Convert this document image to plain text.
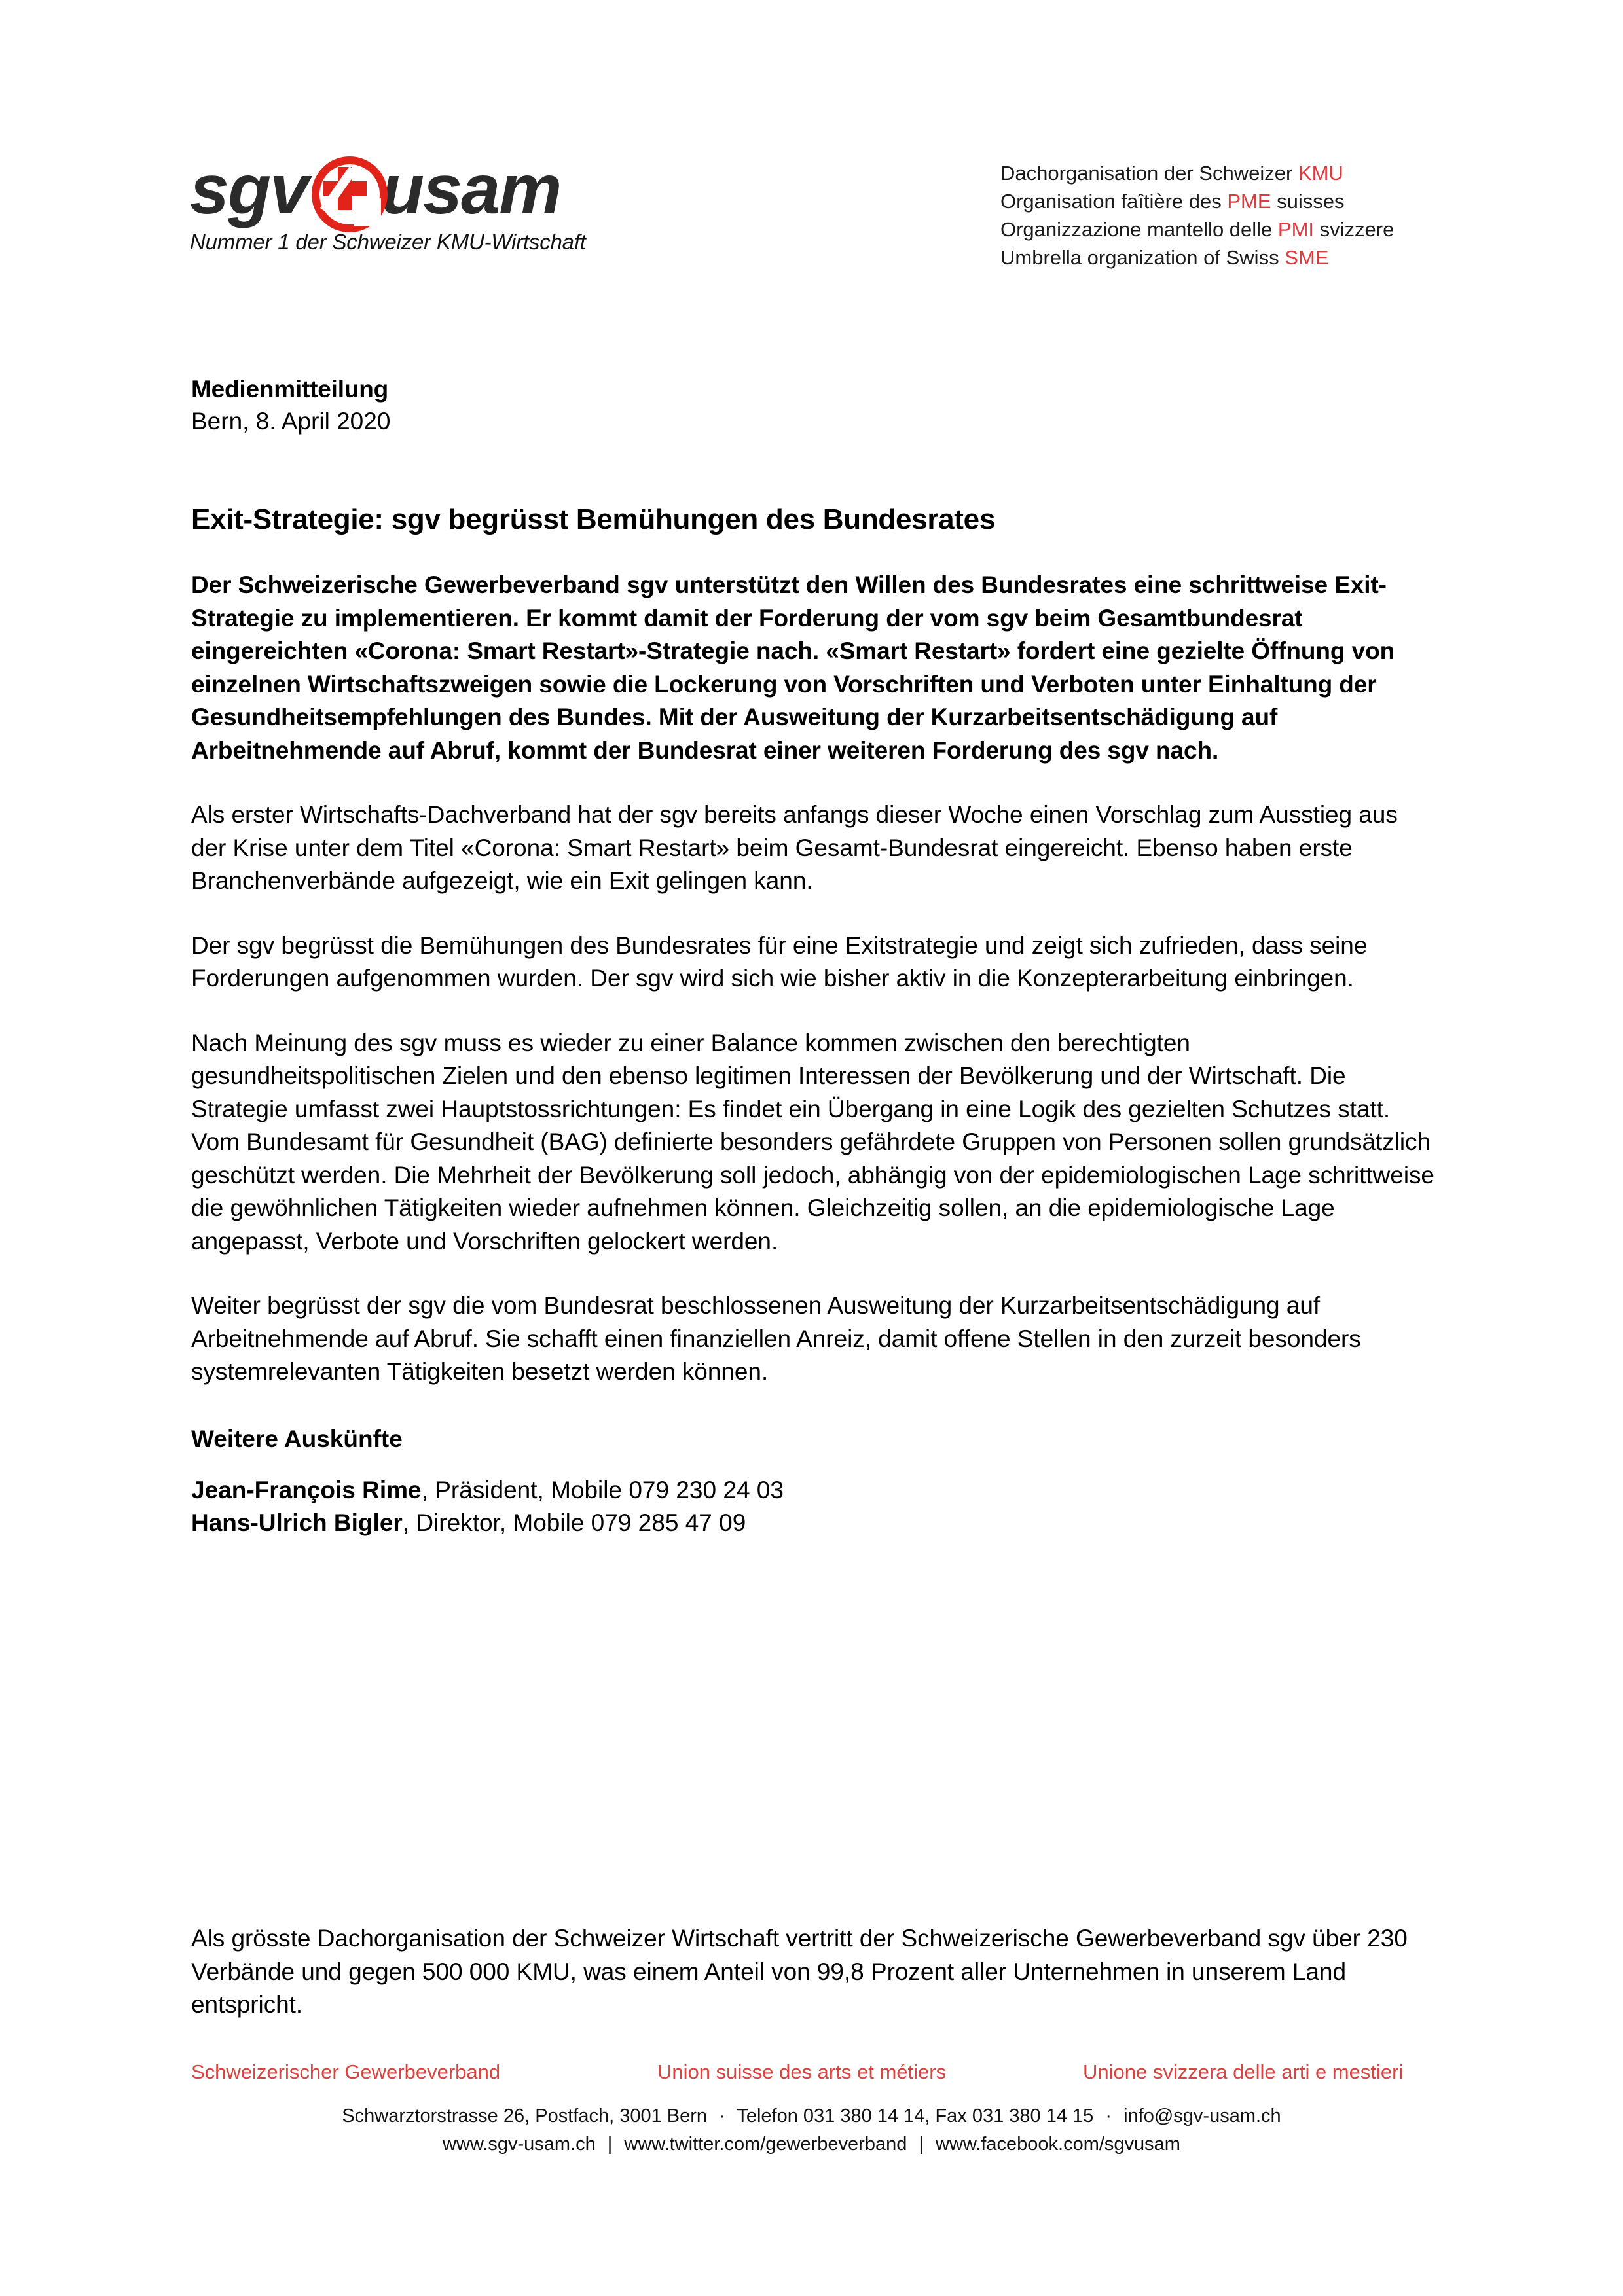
sgv usam
Nummer 1 der Schweizer KMU-Wirtschaft
Dachorganisation der Schweizer KMU
Organisation faîtière des PME suisses
Organizzazione mantello delle PMI svizzere
Umbrella organization of Swiss SME
Medienmitteilung
Bern, 8. April 2020
Exit-Strategie: sgv begrüsst Bemühungen des Bundesrates

Der Schweizerische Gewerbeverband sgv unterstützt den Willen des Bundesrates eine schrittweise Exit-Strategie zu implementieren. Er kommt damit der Forderung der vom sgv beim Gesamtbundesrat eingereichten «Corona: Smart Restart»-Strategie nach. «Smart Restart» fordert eine gezielte Öffnung von einzelnen Wirtschaftszweigen sowie die Lockerung von Vorschriften und Verboten unter Einhaltung der Gesundheitsempfehlungen des Bundes. Mit der Ausweitung der Kurzarbeitsentschädigung auf Arbeitnehmende auf Abruf, kommt der Bundesrat einer weiteren Forderung des sgv nach.

Als erster Wirtschafts-Dachverband hat der sgv bereits anfangs dieser Woche einen Vorschlag zum Ausstieg aus der Krise unter dem Titel «Corona: Smart Restart» beim Gesamt-Bundesrat eingereicht. Ebenso haben erste Branchenverbände aufgezeigt, wie ein Exit gelingen kann.

Der sgv begrüsst die Bemühungen des Bundesrates für eine Exitstrategie und zeigt sich zufrieden, dass seine Forderungen aufgenommen wurden. Der sgv wird sich wie bisher aktiv in die Konzepterarbeitung einbringen.

Nach Meinung des sgv muss es wieder zu einer Balance kommen zwischen den berechtigten gesundheitspolitischen Zielen und den ebenso legitimen Interessen der Bevölkerung und der Wirtschaft. Die Strategie umfasst zwei Hauptstossrichtungen: Es findet ein Übergang in eine Logik des gezielten Schutzes statt. Vom Bundesamt für Gesundheit (BAG) definierte besonders gefährdete Gruppen von Personen sollen grundsätzlich geschützt werden. Die Mehrheit der Bevölkerung soll jedoch, abhängig von der epidemiologischen Lage schrittweise die gewöhnlichen Tätigkeiten wieder aufnehmen können. Gleichzeitig sollen, an die epidemiologische Lage angepasst, Verbote und Vorschriften gelockert werden.

Weiter begrüsst der sgv die vom Bundesrat beschlossenen Ausweitung der Kurzarbeitsentschädigung auf Arbeitnehmende auf Abruf. Sie schafft einen finanziellen Anreiz, damit offene Stellen in den zurzeit besonders systemrelevanten Tätigkeiten besetzt werden können.

Weitere Auskünfte
Jean-François Rime, Präsident, Mobile 079 230 24 03
Hans-Ulrich Bigler, Direktor, Mobile 079 285 47 09

Als grösste Dachorganisation der Schweizer Wirtschaft vertritt der Schweizerische Gewerbeverband sgv über 230 Verbände und gegen 500 000 KMU, was einem Anteil von 99,8 Prozent aller Unternehmen in unserem Land entspricht.

Schweizerischer Gewerbeverband	Union suisse des arts et métiers	Unione svizzera delle arti e mestieri
Schwarztorstrasse 26, Postfach, 3001 Bern · Telefon 031 380 14 14, Fax 031 380 14 15 · info@sgv-usam.ch
www.sgv-usam.ch | www.twitter.com/gewerbeverband | www.facebook.com/sgvusam
